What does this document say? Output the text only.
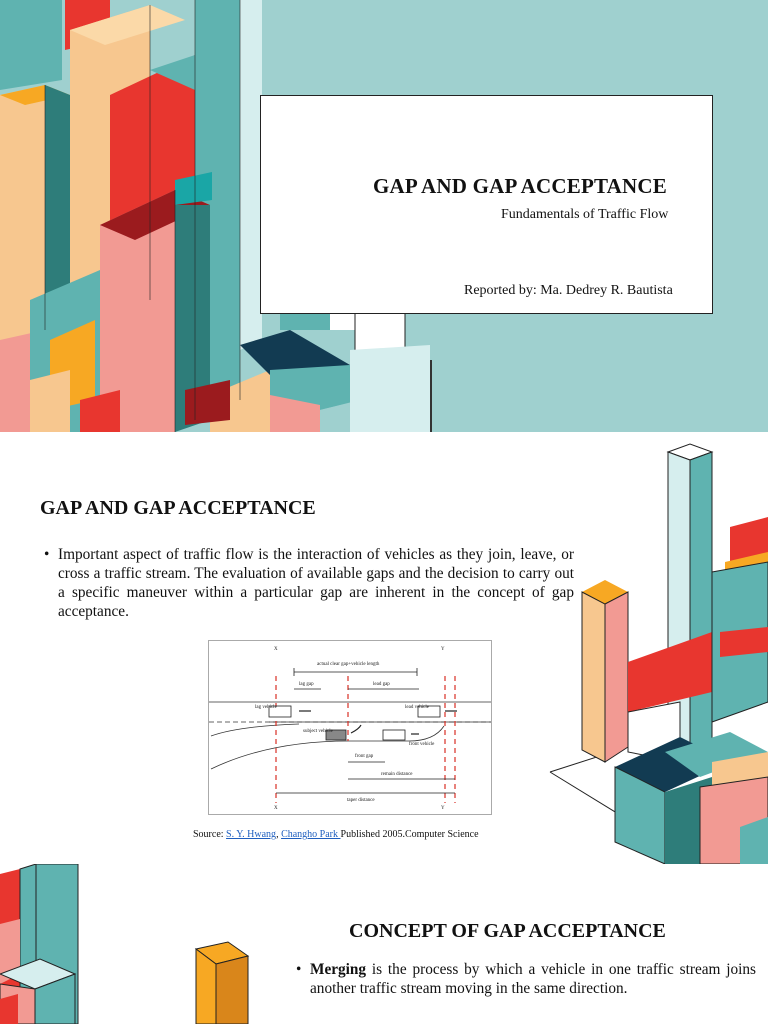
GAP AND GAP ACCEPTANCE
Fundamentals of Traffic Flow
Reported by: Ma. Dedrey R. Bautista
GAP AND GAP ACCEPTANCE
• Important aspect of traffic flow is the interaction of vehicles as they join, leave, or cross a traffic stream. The evaluation of available gaps and the decision to carry out a specific maneuver within a particular gap are inherent in the concept of gap acceptance.
X	Y
actual clear gap+vehicle length
lag gap	lead gap
lag vehicle	lead vehicle
subject vehicle
front vehicle
front gap
remain distance
taper distance
X	Y
Source: S. Y. Hwang, Changho Park Published 2005.Computer Science
CONCEPT OF GAP ACCEPTANCE
• Merging is the process by which a vehicle in one traffic stream joins another traffic stream moving in the same direction.
